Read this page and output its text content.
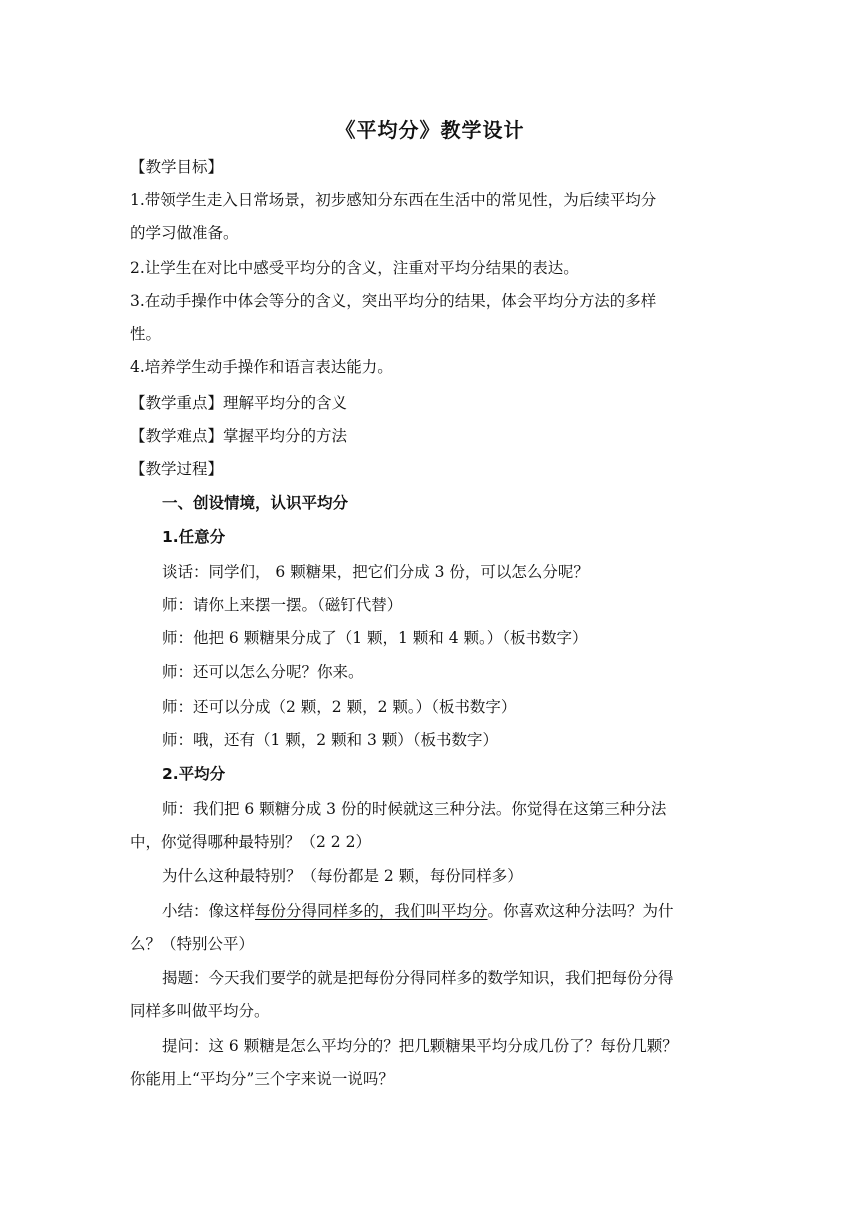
《平均分》教学设计
【教学目标】
1.带领学生走入日常场景，初步感知分东西在生活中的常见性，为后续平均分
的学习做准备。
2.让学生在对比中感受平均分的含义，注重对平均分结果的表达。
3.在动手操作中体会等分的含义，突出平均分的结果，体会平均分方法的多样
性。
4.培养学生动手操作和语言表达能力。
【教学重点】理解平均分的含义
【教学难点】掌握平均分的方法
【教学过程】
一、创设情境，认识平均分
1.任意分
谈话：同学们， 6 颗糖果，把它们分成 3 份，可以怎么分呢？
师：请你上来摆一摆。（磁钉代替）
师：他把 6 颗糖果分成了（1 颗，1 颗和 4 颗。）（板书数字）
师：还可以怎么分呢？你来。
师：还可以分成（2 颗，2 颗，2 颗。）（板书数字）
师：哦，还有（1 颗，2 颗和 3 颗）（板书数字）
2.平均分
师：我们把 6 颗糖分成 3 份的时候就这三种分法。你觉得在这第三种分法
中，你觉得哪种最特别？（2 2 2）
为什么这种最特别？（每份都是 2 颗，每份同样多）
小结：像这样每份分得同样多的，我们叫平均分。你喜欢这种分法吗？为什
么？（特别公平）
揭题：今天我们要学的就是把每份分得同样多的数学知识，我们把每份分得
同样多叫做平均分。
提问：这 6 颗糖是怎么平均分的？把几颗糖果平均分成几份了？每份几颗？
你能用上“平均分”三个字来说一说吗？
